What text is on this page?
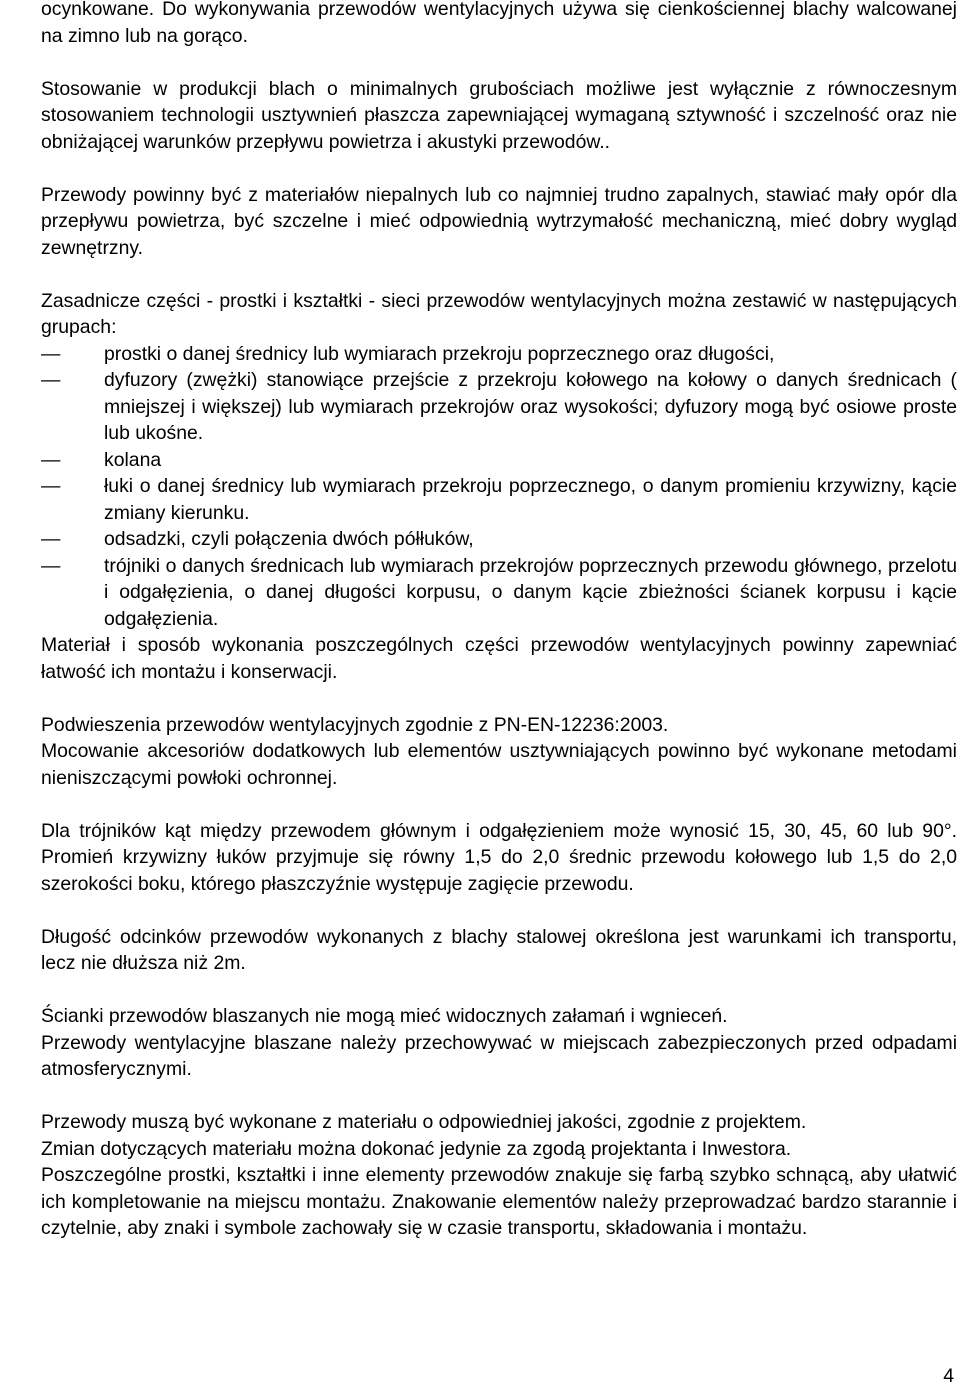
ocynkowane. Do wykonywania przewodów wentylacyjnych używa się cienkościennej blachy walcowanej na zimno lub na gorąco.

Stosowanie w produkcji blach o minimalnych grubościach możliwe jest wyłącznie z równoczesnym stosowaniem technologii usztywnień płaszcza zapewniającej wymaganą sztywność i szczelność oraz nie obniżającej warunków przepływu powietrza i akustyki przewodów..

Przewody powinny być z materiałów niepalnych lub co najmniej trudno zapalnych, stawiać mały opór dla przepływu powietrza, być szczelne i mieć odpowiednią wytrzymałość mechaniczną, mieć dobry wygląd zewnętrzny.

Zasadnicze części - prostki i kształtki - sieci przewodów wentylacyjnych można zestawić w następujących grupach:

—	prostki o danej średnicy lub wymiarach przekroju poprzecznego oraz długości,
—	dyfuzory (zwężki) stanowiące przejście z przekroju kołowego na kołowy o danych średnicach ( mniejszej i większej) lub wymiarach przekrojów oraz wysokości; dyfuzory mogą być osiowe proste lub ukośne.
—	kolana
—	łuki o danej średnicy lub wymiarach przekroju poprzecznego, o danym promieniu krzywizny, kącie zmiany kierunku.
—	odsadzki, czyli połączenia dwóch półłuków,
—	trójniki o danych średnicach lub wymiarach przekrojów poprzecznych przewodu głównego, przelotu i odgałęzienia, o danej długości korpusu, o danym kącie zbieżności ścianek korpusu i kącie odgałęzienia.

Materiał i sposób wykonania poszczególnych części przewodów wentylacyjnych powinny zapewniać łatwość ich montażu i konserwacji.

Podwieszenia przewodów wentylacyjnych zgodnie z PN-EN-12236:2003.

Mocowanie akcesoriów dodatkowych lub elementów usztywniających powinno być wykonane metodami nieniszczącymi powłoki ochronnej.

Dla trójników kąt między przewodem głównym i odgałęzieniem może wynosić 15, 30, 45, 60 lub 90°. Promień krzywizny łuków przyjmuje się równy 1,5 do 2,0 średnic przewodu kołowego lub 1,5 do 2,0 szerokości boku, którego płaszczyźnie występuje zagięcie przewodu.

Długość odcinków przewodów wykonanych z blachy stalowej określona jest warunkami ich transportu, lecz nie dłuższa niż 2m.

Ścianki przewodów blaszanych nie mogą mieć widocznych załamań i wgnieceń.

Przewody wentylacyjne blaszane należy przechowywać w miejscach zabezpieczonych przed odpadami atmosferycznymi.

Przewody muszą być wykonane z materiału o odpowiedniej jakości, zgodnie z projektem.

Zmian dotyczących materiału można dokonać jedynie za zgodą projektanta i Inwestora.

Poszczególne prostki, kształtki i inne elementy przewodów znakuje się farbą szybko schnącą, aby ułatwić ich kompletowanie na miejscu montażu. Znakowanie elementów należy przeprowadzać bardzo starannie i czytelnie, aby znaki i symbole zachowały się w czasie transportu, składowania i montażu.

4
